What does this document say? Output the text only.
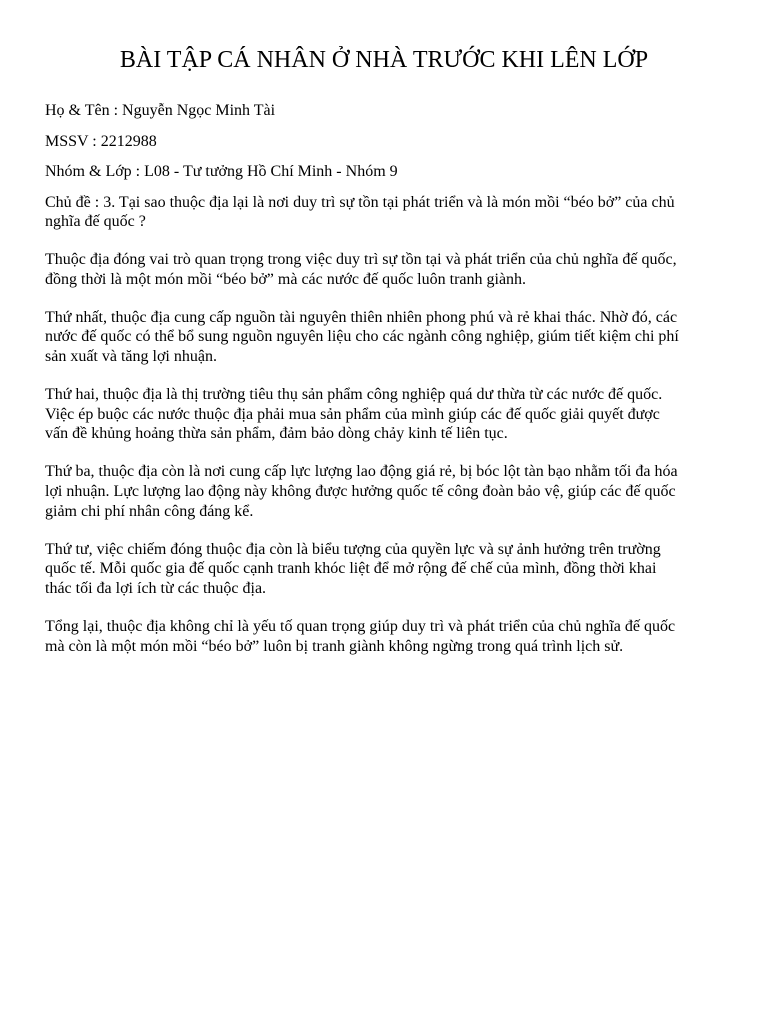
BÀI TẬP CÁ NHÂN Ở NHÀ TRƯỚC KHI LÊN LỚP

Họ & Tên : Nguyễn Ngọc Minh Tài

MSSV : 2212988

Nhóm & Lớp : L08 - Tư tưởng Hồ Chí Minh - Nhóm 9

Chủ đề : 3. Tại sao thuộc địa lại là nơi duy trì sự tồn tại phát triển và là món mồi “béo bở” của chủ nghĩa đế quốc ?

Thuộc địa đóng vai trò quan trọng trong việc duy trì sự tồn tại và phát triển của chủ nghĩa đế quốc, đồng thời là một món mồi “béo bở” mà các nước đế quốc luôn tranh giành.

Thứ nhất, thuộc địa cung cấp nguồn tài nguyên thiên nhiên phong phú và rẻ khai thác. Nhờ đó, các nước đế quốc có thể bổ sung nguồn nguyên liệu cho các ngành công nghiệp, giúm tiết kiệm chi phí sản xuất và tăng lợi nhuận.

Thứ hai, thuộc địa là thị trường tiêu thụ sản phẩm công nghiệp quá dư thừa từ các nước đế quốc. Việc ép buộc các nước thuộc địa phải mua sản phẩm của mình giúp các đế quốc giải quyết được vấn đề khủng hoảng thừa sản phẩm, đảm bảo dòng chảy kinh tế liên tục.

Thứ ba, thuộc địa còn là nơi cung cấp lực lượng lao động giá rẻ, bị bóc lột tàn bạo nhằm tối đa hóa lợi nhuận. Lực lượng lao động này không được hưởng quốc tế công đoàn bảo vệ, giúp các đế quốc giảm chi phí nhân công đáng kể.

Thứ tư, việc chiếm đóng thuộc địa còn là biểu tượng của quyền lực và sự ảnh hưởng trên trường quốc tế. Mỗi quốc gia đế quốc cạnh tranh khóc liệt để mở rộng đế chế của mình, đồng thời khai thác tối đa lợi ích từ các thuộc địa.

Tổng lại, thuộc địa không chỉ là yếu tố quan trọng giúp duy trì và phát triển của chủ nghĩa đế quốc mà còn là một món mồi “béo bở” luôn bị tranh giành không ngừng trong quá trình lịch sử.
